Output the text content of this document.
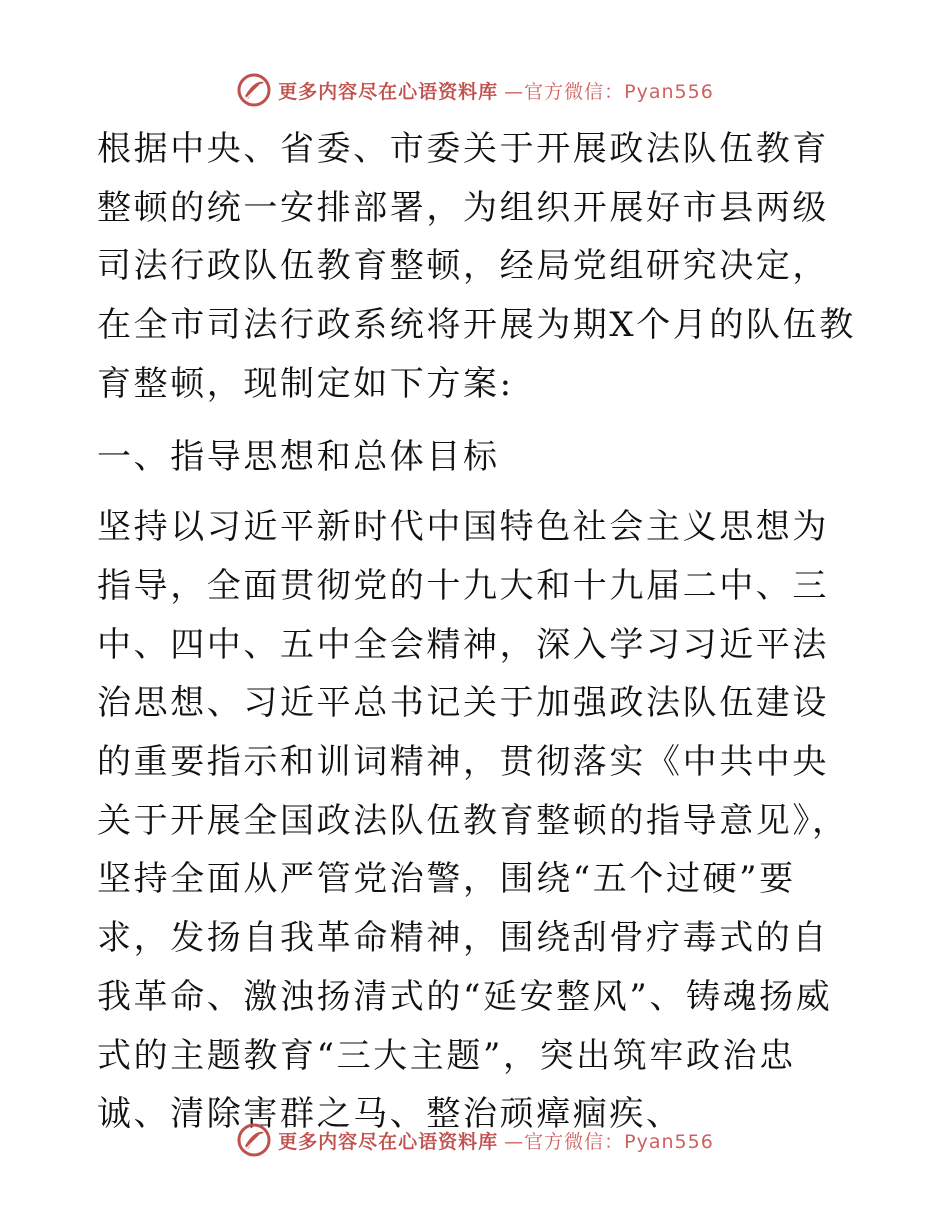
更多内容尽在心语资料库 —官方微信：Pyan556

根据中央、省委、市委关于开展政法队伍教育整顿的统一安排部署，为组织开展好市县两级司法行政队伍教育整顿，经局党组研究决定，在全市司法行政系统将开展为期X个月的队伍教育整顿，现制定如下方案:

一、指导思想和总体目标

坚持以习近平新时代中国特色社会主义思想为指导，全面贯彻党的十九大和十九届二中、三中、四中、五中全会精神，深入学习习近平法治思想、习近平总书记关于加强政法队伍建设的重要指示和训词精神，贯彻落实《中共中央关于开展全国政法队伍教育整顿的指导意见》，坚持全面从严管党治警，围绕“五个过硬”要求，发扬自我革命精神，围绕刮骨疗毒式的自我革命、激浊扬清式的“延安整风”、铸魂扬威式的主题教育“三大主题”，突出筑牢政治忠诚、清除害群之马、整治顽瘴痼疾、

更多内容尽在心语资料库 —官方微信：Pyan556
